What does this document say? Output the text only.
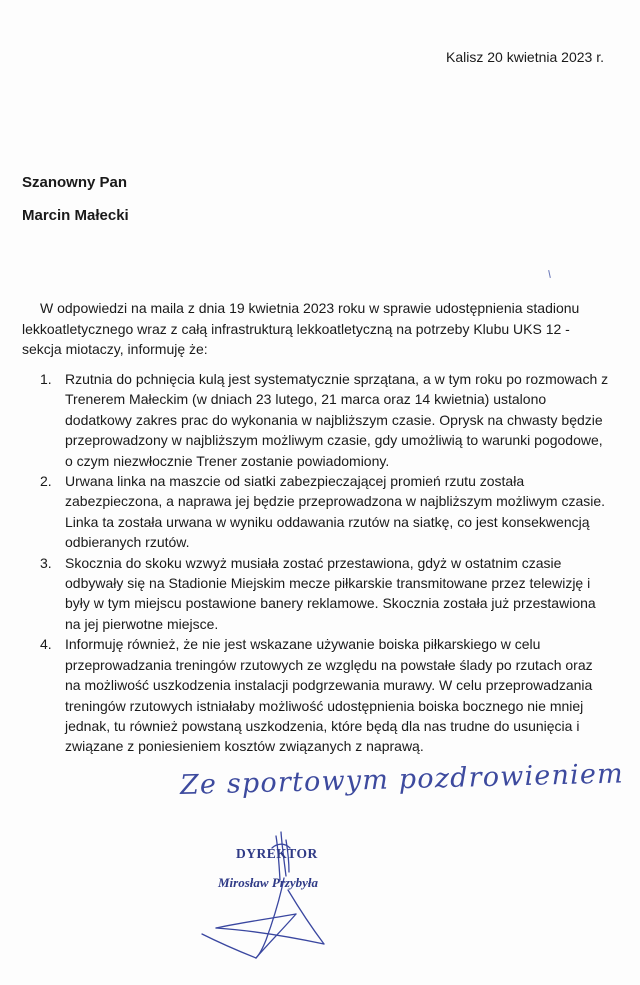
Kalisz 20 kwietnia 2023 r.
Szanowny Pan
Marcin Małecki

W odpowiedzi na maila z dnia 19 kwietnia 2023 roku w sprawie udostępnienia stadionu lekkoatletycznego wraz z całą infrastrukturą lekkoatletyczną na potrzeby Klubu UKS 12 - sekcja miotaczy, informuję że:

1. Rzutnia do pchnięcia kulą jest systematycznie sprzątana, a w tym roku po rozmowach z Trenerem Małeckim (w dniach 23 lutego, 21 marca oraz 14 kwietnia) ustalono dodatkowy zakres prac do wykonania w najbliższym czasie. Oprysk na chwasty będzie przeprowadzony w najbliższym możliwym czasie, gdy umożliwią to warunki pogodowe, o czym niezwłocznie Trener zostanie powiadomiony.
2. Urwana linka na maszcie od siatki zabezpieczającej promień rzutu została zabezpieczona, a naprawa jej będzie przeprowadzona w najbliższym możliwym czasie. Linka ta została urwana w wyniku oddawania rzutów na siatkę, co jest konsekwencją odbieranych rzutów.
3. Skocznia do skoku wzwyż musiała zostać przestawiona, gdyż w ostatnim czasie odbywały się na Stadionie Miejskim mecze piłkarskie transmitowane przez telewizję i były w tym miejscu postawione banery reklamowe. Skocznia została już przestawiona na jej pierwotne miejsce.
4. Informuję również, że nie jest wskazane używanie boiska piłkarskiego w celu przeprowadzania treningów rzutowych ze względu na powstałe ślady po rzutach oraz na możliwość uszkodzenia instalacji podgrzewania murawy. W celu przeprowadzania treningów rzutowych istniałaby możliwość udostępnienia boiska bocznego nie mniej jednak, tu również powstaną uszkodzenia, które będą dla nas trudne do usunięcia i związane z poniesieniem kosztów związanych z naprawą.
Ze sportowym pozdrowieniem
DYREKTOR
Mirosław Przybyła
